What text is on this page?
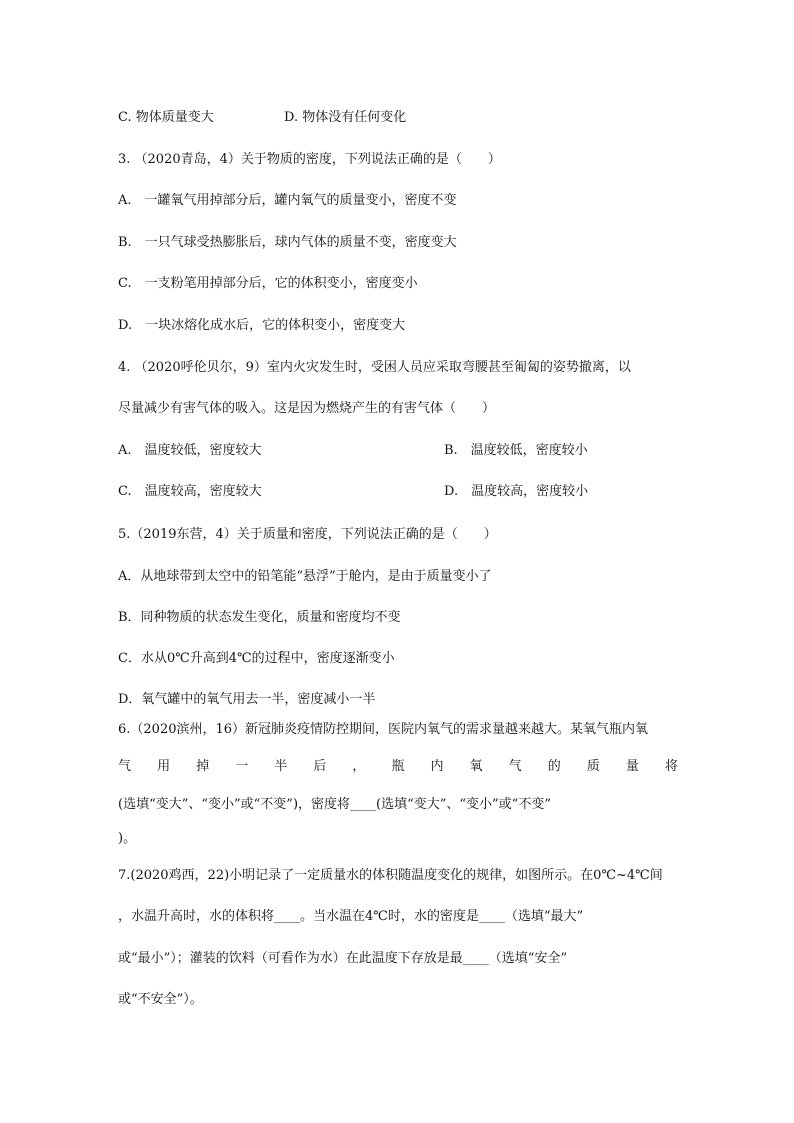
C. 物体质量变大	D. 物体没有任何变化
3. （2020青岛，4）关于物质的密度，下列说法正确的是（　　）
A.　一罐氧气用掉部分后，罐内氧气的质量变小，密度不变
B.　一只气球受热膨胀后，球内气体的质量不变，密度变大
C.　一支粉笔用掉部分后，它的体积变小，密度变小
D.　一块冰熔化成水后，它的体积变小，密度变大
4. （2020呼伦贝尔，9）室内火灾发生时，受困人员应采取弯腰甚至匍匐的姿势撤离，以
尽量减少有害气体的吸入。这是因为燃烧产生的有害气体（　　）
A.　温度较低，密度较大	B.　温度较低，密度较小
C.　温度较高，密度较大	D.　温度较高，密度较小
5.（2019东营，4）关于质量和密度，下列说法正确的是（　　）
A．从地球带到太空中的铅笔能“悬浮”于舱内，是由于质量变小了
B．同种物质的状态发生变化，质量和密度均不变
C．水从0℃升高到4℃的过程中，密度逐渐变小
D．氧气罐中的氧气用去一半，密度减小一半
6.（2020滨州，16）新冠肺炎疫情防控期间，医院内氧气的需求量越来越大。某氧气瓶内氧
气 用 掉 一 半 后 ， 瓶 内 氧 气 的 质 量 将
(选填“变大”、“变小”或“不变”)，密度将____(选填“变大”、“变小”或“不变”
)。
7.(2020鸡西，22)小明记录了一定质量水的体积随温度变化的规律，如图所示。在0℃~4℃间
，水温升高时，水的体积将____。当水温在4℃时，水的密度是____（选填“最大”
或“最小”）；灌装的饮料（可看作为水）在此温度下存放是最____（选填“安全”
或“不安全”）。
